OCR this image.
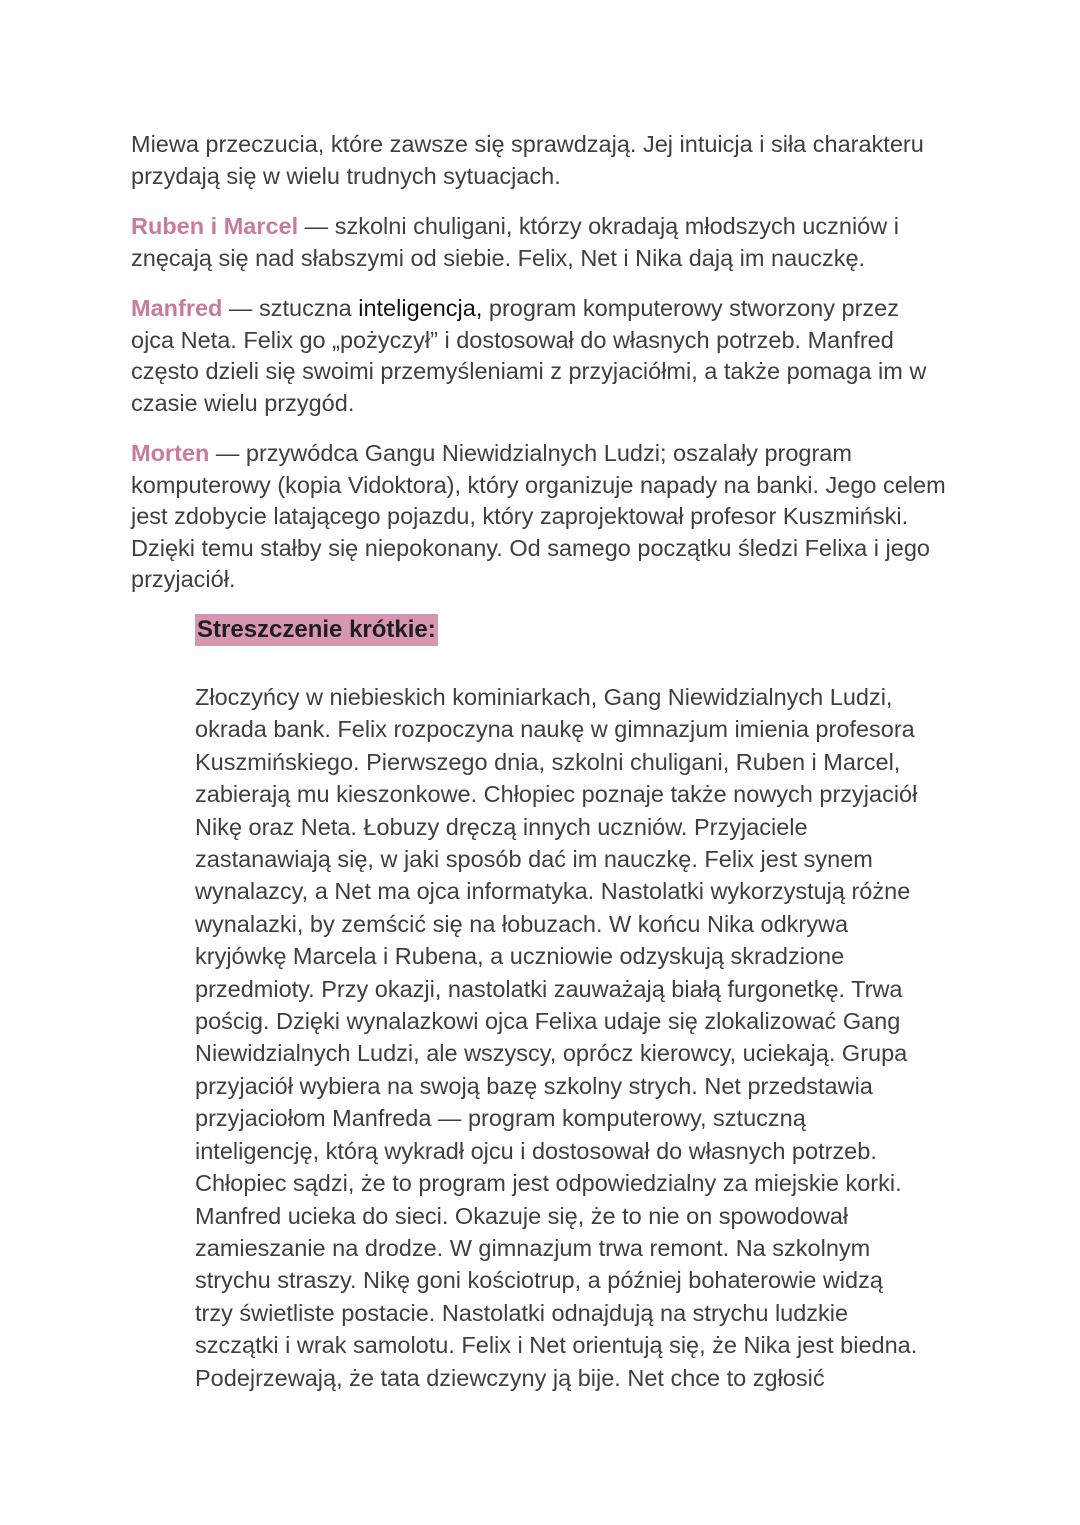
Miewa przeczucia, które zawsze się sprawdzają. Jej intuicja i siła charakteru
przydają się w wielu trudnych sytuacjach.

Ruben i Marcel — szkolni chuligani, którzy okradają młodszych uczniów i
znęcają się nad słabszymi od siebie. Felix, Net i Nika dają im nauczkę.

Manfred — sztuczna inteligencja, program komputerowy stworzony przez
ojca Neta. Felix go „pożyczył” i dostosował do własnych potrzeb. Manfred
często dzieli się swoimi przemyśleniami z przyjaciółmi, a także pomaga im w
czasie wielu przygód.

Morten — przywódca Gangu Niewidzialnych Ludzi; oszalały program
komputerowy (kopia Vidoktora), który organizuje napady na banki. Jego celem
jest zdobycie latającego pojazdu, który zaprojektował profesor Kuszmiński.
Dzięki temu stałby się niepokonany. Od samego początku śledzi Felixa i jego
przyjaciół.

Streszczenie krótkie:

Złoczyńcy w niebieskich kominiarkach, Gang Niewidzialnych Ludzi,
okrada bank. Felix rozpoczyna naukę w gimnazjum imienia profesora
Kuszmińskiego. Pierwszego dnia, szkolni chuligani, Ruben i Marcel,
zabierają mu kieszonkowe. Chłopiec poznaje także nowych przyjaciół
Nikę oraz Neta. Łobuzy dręczą innych uczniów. Przyjaciele
zastanawiają się, w jaki sposób dać im nauczkę. Felix jest synem
wynalazcy, a Net ma ojca informatyka. Nastolatki wykorzystują różne
wynalazki, by zemścić się na łobuzach. W końcu Nika odkrywa
kryjówkę Marcela i Rubena, a uczniowie odzyskują skradzione
przedmioty. Przy okazji, nastolatki zauważają białą furgonetkę. Trwa
pościg. Dzięki wynalazkowi ojca Felixa udaje się zlokalizować Gang
Niewidzialnych Ludzi, ale wszyscy, oprócz kierowcy, uciekają. Grupa
przyjaciół wybiera na swoją bazę szkolny strych. Net przedstawia
przyjaciołom Manfreda — program komputerowy, sztuczną
inteligencję, którą wykradł ojcu i dostosował do własnych potrzeb.
Chłopiec sądzi, że to program jest odpowiedzialny za miejskie korki.
Manfred ucieka do sieci. Okazuje się, że to nie on spowodował
zamieszanie na drodze. W gimnazjum trwa remont. Na szkolnym
strychu straszy. Nikę goni kościotrup, a później bohaterowie widzą
trzy świetliste postacie. Nastolatki odnajdują na strychu ludzkie
szczątki i wrak samolotu. Felix i Net orientują się, że Nika jest biedna.
Podejrzewają, że tata dziewczyny ją bije. Net chce to zgłosić
